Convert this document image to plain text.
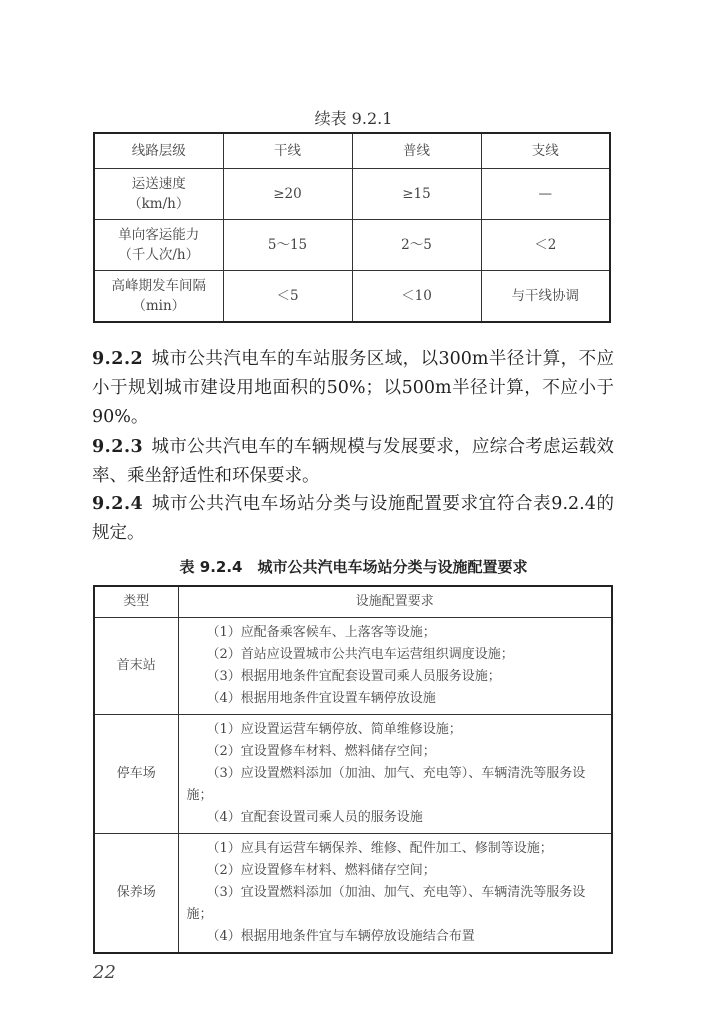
续表 9.2.1
线路层级	干线	普线	支线

运送速度
（km/h）	≥20	≥15	—

单向客运能力
（千人次/h）	5～15	2～5	＜2

高峰期发车间隔
（min）	＜5	＜10	与干线协调
9.2.2 城市公共汽电车的车站服务区域，以300m半径计算，不应小于规划城市建设用地面积的50%；以500m半径计算，不应小于90%。
9.2.3 城市公共汽电车的车辆规模与发展要求，应综合考虑运载效率、乘坐舒适性和环保要求。
9.2.4 城市公共汽电车场站分类与设施配置要求宜符合表9.2.4的规定。
表 9.2.4　城市公共汽电车场站分类与设施配置要求
类型	设施配置要求
首末站	（1）应配备乘客候车、上落客等设施；
（2）首站应设置城市公共汽电车运营组织调度设施；
（3）根据用地条件宜配套设置司乘人员服务设施；
（4）根据用地条件宜设置车辆停放设施

停车场	（1）应设置运营车辆停放、简单维修设施；
（2）宜设置修车材料、燃料储存空间；
（3）应设置燃料添加（加油、加气、充电等）、车辆清洗等服务设施；
（4）宜配套设置司乘人员的服务设施

保养场	（1）应具有运营车辆保养、维修、配件加工、修制等设施；
（2）应设置修车材料、燃料储存空间；
（3）宜设置燃料添加（加油、加气、充电等）、车辆清洗等服务设施；
（4）根据用地条件宜与车辆停放设施结合布置
22
